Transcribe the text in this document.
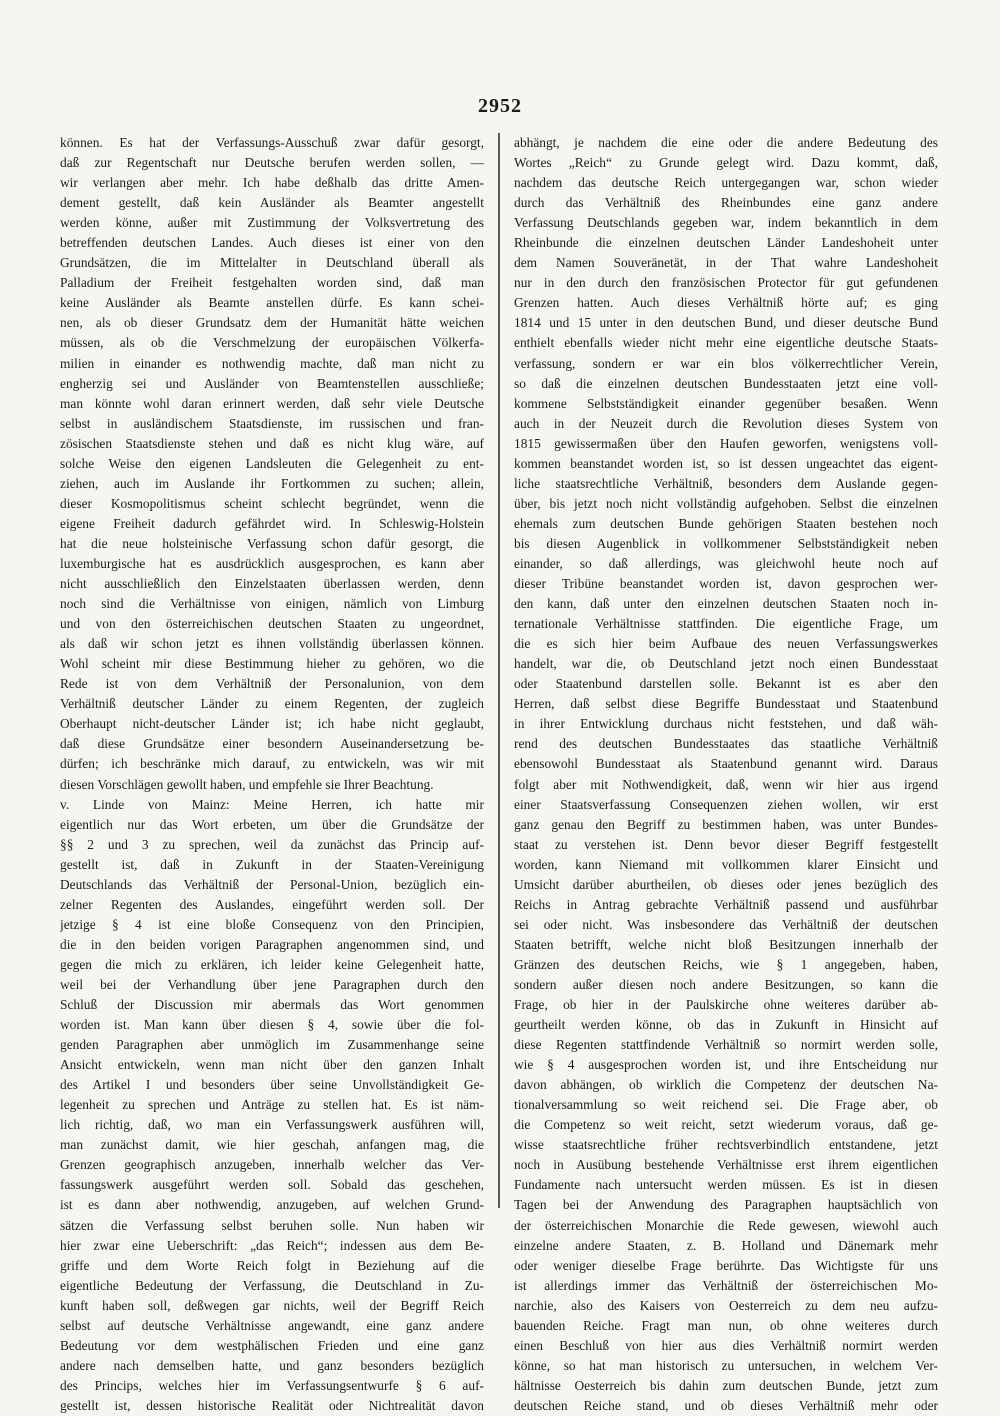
2952
können. Es hat der Verfassungs-Ausschuß zwar dafür gesorgt,
daß zur Regentschaft nur Deutsche berufen werden sollen, —
wir verlangen aber mehr. Ich habe deßhalb das dritte Amen-
dement gestellt, daß kein Ausländer als Beamter angestellt
werden könne, außer mit Zustimmung der Volksvertretung des
betreffenden deutschen Landes. Auch dieses ist einer von den
Grundsätzen, die im Mittelalter in Deutschland überall als
Palladium der Freiheit festgehalten worden sind, daß man
keine Ausländer als Beamte anstellen dürfe. Es kann schei-
nen, als ob dieser Grundsatz dem der Humanität hätte weichen
müssen, als ob die Verschmelzung der europäischen Völkerfa-
milien in einander es nothwendig machte, daß man nicht zu
engherzig sei und Ausländer von Beamtenstellen ausschließe;
man könnte wohl daran erinnert werden, daß sehr viele Deutsche
selbst in ausländischem Staatsdienste, im russischen und fran-
zösischen Staatsdienste stehen und daß es nicht klug wäre, auf
solche Weise den eigenen Landsleuten die Gelegenheit zu ent-
ziehen, auch im Auslande ihr Fortkommen zu suchen; allein,
dieser Kosmopolitismus scheint schlecht begründet, wenn die
eigene Freiheit dadurch gefährdet wird. In Schleswig-Holstein
hat die neue holsteinische Verfassung schon dafür gesorgt, die
luxemburgische hat es ausdrücklich ausgesprochen, es kann aber
nicht ausschließlich den Einzelstaaten überlassen werden, denn
noch sind die Verhältnisse von einigen, nämlich von Limburg
und von den österreichischen deutschen Staaten zu ungeordnet,
als daß wir schon jetzt es ihnen vollständig überlassen können.
Wohl scheint mir diese Bestimmung hieher zu gehören, wo die
Rede ist von dem Verhältniß der Personalunion, von dem
Verhältniß deutscher Länder zu einem Regenten, der zugleich
Oberhaupt nicht-deutscher Länder ist; ich habe nicht geglaubt,
daß diese Grundsätze einer besondern Auseinandersetzung be-
dürfen; ich beschränke mich darauf, zu entwickeln, was wir mit
diesen Vorschlägen gewollt haben, und empfehle sie Ihrer Beachtung.
v. Linde von Mainz: Meine Herren, ich hatte mir
eigentlich nur das Wort erbeten, um über die Grundsätze der
§§ 2 und 3 zu sprechen, weil da zunächst das Princip auf-
gestellt ist, daß in Zukunft in der Staaten-Vereinigung
Deutschlands das Verhältniß der Personal-Union, bezüglich ein-
zelner Regenten des Auslandes, eingeführt werden soll. Der
jetzige § 4 ist eine bloße Consequenz von den Principien,
die in den beiden vorigen Paragraphen angenommen sind, und
gegen die mich zu erklären, ich leider keine Gelegenheit hatte,
weil bei der Verhandlung über jene Paragraphen durch den
Schluß der Discussion mir abermals das Wort genommen
worden ist. Man kann über diesen § 4, sowie über die fol-
genden Paragraphen aber unmöglich im Zusammenhange seine
Ansicht entwickeln, wenn man nicht über den ganzen Inhalt
des Artikel I und besonders über seine Unvollständigkeit Ge-
legenheit zu sprechen und Anträge zu stellen hat. Es ist näm-
lich richtig, daß, wo man ein Verfassungswerk ausführen will,
man zunächst damit, wie hier geschah, anfangen mag, die
Grenzen geographisch anzugeben, innerhalb welcher das Ver-
fassungswerk ausgeführt werden soll. Sobald das geschehen,
ist es dann aber nothwendig, anzugeben, auf welchen Grund-
sätzen die Verfassung selbst beruhen solle. Nun haben wir
hier zwar eine Ueberschrift: „das Reich“; indessen aus dem Be-
griffe und dem Worte Reich folgt in Beziehung auf die
eigentliche Bedeutung der Verfassung, die Deutschland in Zu-
kunft haben soll, deßwegen gar nichts, weil der Begriff Reich
selbst auf deutsche Verhältnisse angewandt, eine ganz andere
Bedeutung vor dem westphälischen Frieden und eine ganz
andere nach demselben hatte, und ganz besonders bezüglich
des Princips, welches hier im Verfassungsentwurfe § 6 auf-
gestellt ist, dessen historische Realität oder Nichtrealität davon
abhängt, je nachdem die eine oder die andere Bedeutung des
Wortes „Reich“ zu Grunde gelegt wird. Dazu kommt, daß,
nachdem das deutsche Reich untergegangen war, schon wieder
durch das Verhältniß des Rheinbundes eine ganz andere
Verfassung Deutschlands gegeben war, indem bekanntlich in dem
Rheinbunde die einzelnen deutschen Länder Landeshoheit unter
dem Namen Souveränetät, in der That wahre Landeshoheit
nur in den durch den französischen Protector für gut gefundenen
Grenzen hatten. Auch dieses Verhältniß hörte auf; es ging
1814 und 15 unter in den deutschen Bund, und dieser deutsche Bund
enthielt ebenfalls wieder nicht mehr eine eigentliche deutsche Staats-
verfassung, sondern er war ein blos völkerrechtlicher Verein,
so daß die einzelnen deutschen Bundesstaaten jetzt eine voll-
kommene Selbstständigkeit einander gegenüber besaßen. Wenn
auch in der Neuzeit durch die Revolution dieses System von
1815 gewissermaßen über den Haufen geworfen, wenigstens voll-
kommen beanstandet worden ist, so ist dessen ungeachtet das eigent-
liche staatsrechtliche Verhältniß, besonders dem Auslande gegen-
über, bis jetzt noch nicht vollständig aufgehoben. Selbst die einzelnen
ehemals zum deutschen Bunde gehörigen Staaten bestehen noch
bis diesen Augenblick in vollkommener Selbstständigkeit neben
einander, so daß allerdings, was gleichwohl heute noch auf
dieser Tribüne beanstandet worden ist, davon gesprochen wer-
den kann, daß unter den einzelnen deutschen Staaten noch in-
ternationale Verhältnisse stattfinden. Die eigentliche Frage, um
die es sich hier beim Aufbaue des neuen Verfassungswerkes
handelt, war die, ob Deutschland jetzt noch einen Bundesstaat
oder Staatenbund darstellen solle. Bekannt ist es aber den
Herren, daß selbst diese Begriffe Bundesstaat und Staatenbund
in ihrer Entwicklung durchaus nicht feststehen, und daß wäh-
rend des deutschen Bundesstaates das staatliche Verhältniß
ebensowohl Bundesstaat als Staatenbund genannt wird. Daraus
folgt aber mit Nothwendigkeit, daß, wenn wir hier aus irgend
einer Staatsverfassung Consequenzen ziehen wollen, wir erst
ganz genau den Begriff zu bestimmen haben, was unter Bundes-
staat zu verstehen ist. Denn bevor dieser Begriff festgestellt
worden, kann Niemand mit vollkommen klarer Einsicht und
Umsicht darüber aburtheilen, ob dieses oder jenes bezüglich des
Reichs in Antrag gebrachte Verhältniß passend und ausführbar
sei oder nicht. Was insbesondere das Verhältniß der deutschen
Staaten betrifft, welche nicht bloß Besitzungen innerhalb der
Gränzen des deutschen Reichs, wie § 1 angegeben, haben,
sondern außer diesen noch andere Besitzungen, so kann die
Frage, ob hier in der Paulskirche ohne weiteres darüber ab-
geurtheilt werden könne, ob das in Zukunft in Hinsicht auf
diese Regenten stattfindende Verhältniß so normirt werden solle,
wie § 4 ausgesprochen worden ist, und ihre Entscheidung nur
davon abhängen, ob wirklich die Competenz der deutschen Na-
tionalversammlung so weit reichend sei. Die Frage aber, ob
die Competenz so weit reicht, setzt wiederum voraus, daß ge-
wisse staatsrechtliche früher rechtsverbindlich entstandene, jetzt
noch in Ausübung bestehende Verhältnisse erst ihrem eigentlichen
Fundamente nach untersucht werden müssen. Es ist in diesen
Tagen bei der Anwendung des Paragraphen hauptsächlich von
der österreichischen Monarchie die Rede gewesen, wiewohl auch
einzelne andere Staaten, z. B. Holland und Dänemark mehr
oder weniger dieselbe Frage berührte. Das Wichtigste für uns
ist allerdings immer das Verhältniß der österreichischen Mo-
narchie, also des Kaisers von Oesterreich zu dem neu aufzu-
bauenden Reiche. Fragt man nun, ob ohne weiteres durch
einen Beschluß von hier aus dies Verhältniß normirt werden
könne, so hat man historisch zu untersuchen, in welchem Ver-
hältnisse Oesterreich bis dahin zum deutschen Bunde, jetzt zum
deutschen Reiche stand, und ob dieses Verhältniß mehr oder
